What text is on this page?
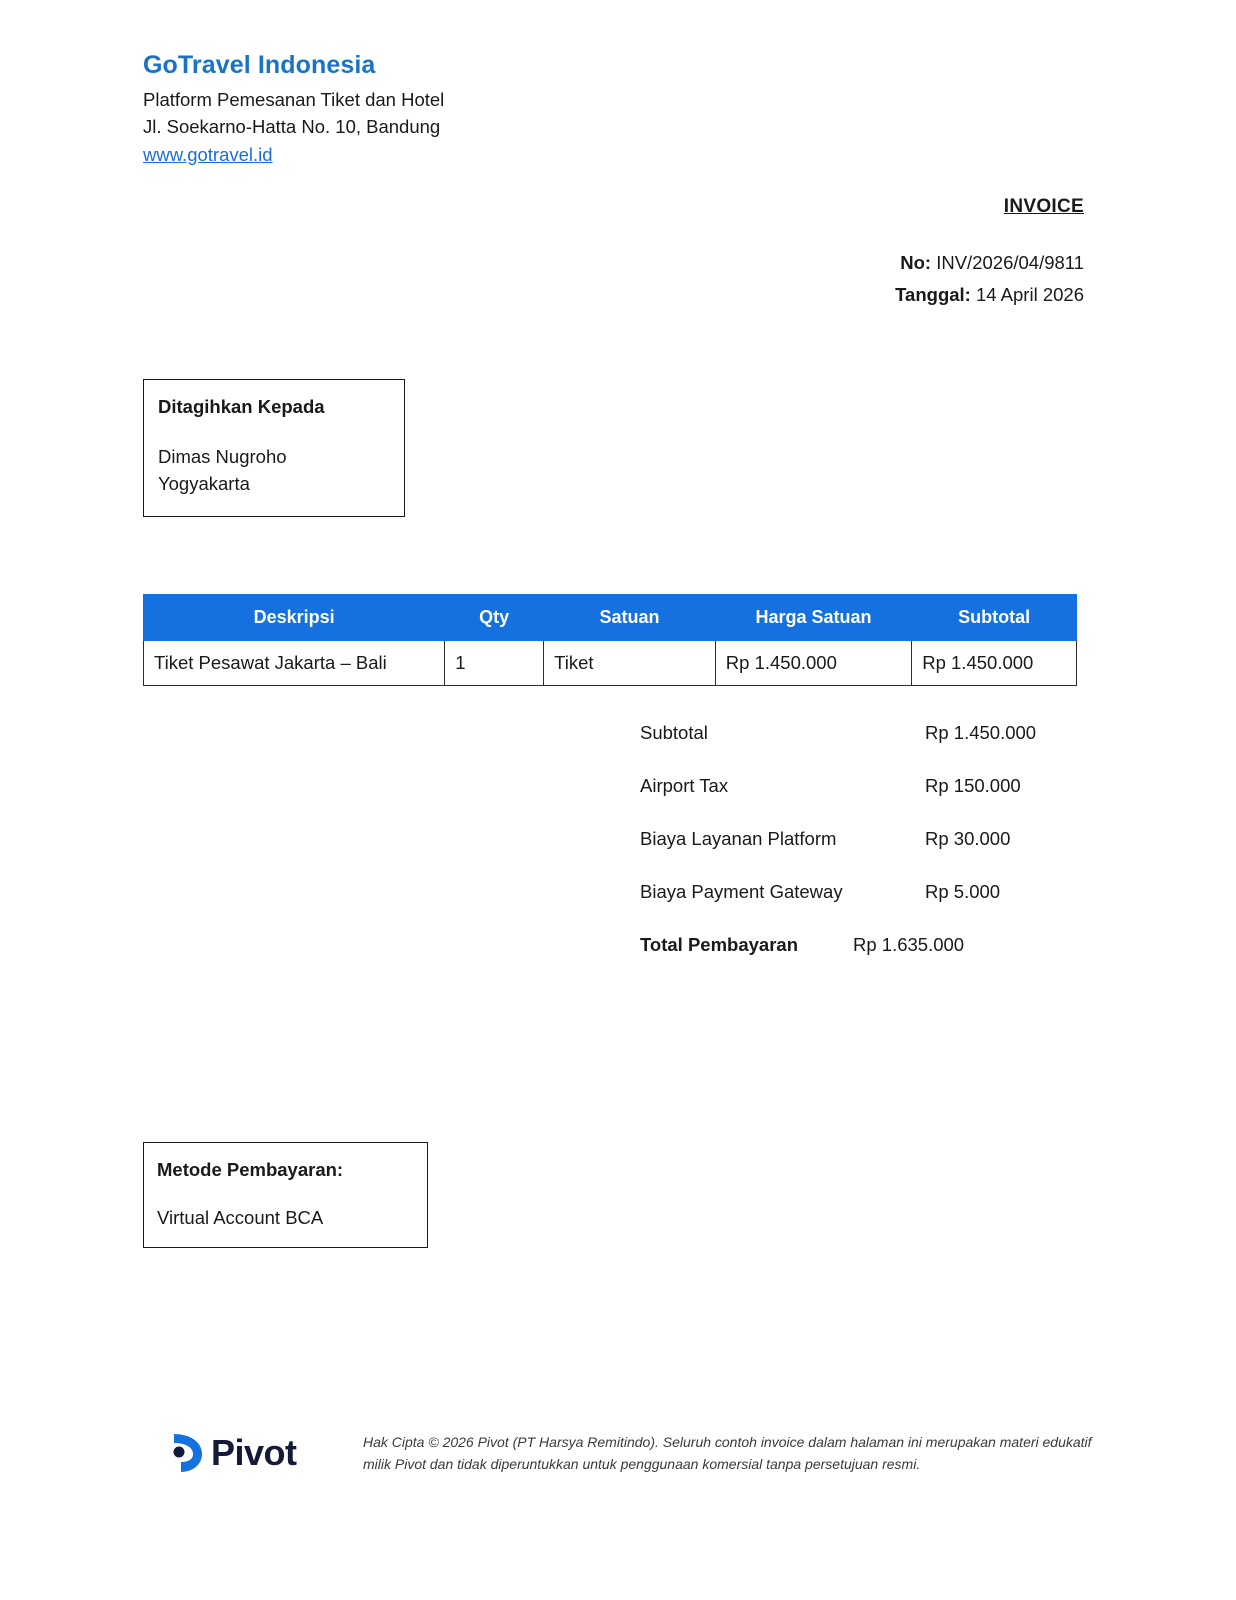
GoTravel Indonesia
Platform Pemesanan Tiket dan Hotel
Jl. Soekarno-Hatta No. 10, Bandung
www.gotravel.id
INVOICE
No: INV/2026/04/9811
Tanggal: 14 April 2026
Ditagihkan Kepada
Dimas Nugroho
Yogyakarta
Deskripsi	Qty	Satuan	Harga Satuan	Subtotal
Tiket Pesawat Jakarta – Bali	1	Tiket	Rp 1.450.000	Rp 1.450.000
Subtotal	Rp 1.450.000
Airport Tax	Rp 150.000
Biaya Layanan Platform	Rp 30.000
Biaya Payment Gateway	Rp 5.000
Total Pembayaran	Rp 1.635.000
Metode Pembayaran:
Virtual Account BCA
Pivot	Hak Cipta © 2026 Pivot (PT Harsya Remitindo). Seluruh contoh invoice dalam halaman ini merupakan materi edukatif
milik Pivot dan tidak diperuntukkan untuk penggunaan komersial tanpa persetujuan resmi.
